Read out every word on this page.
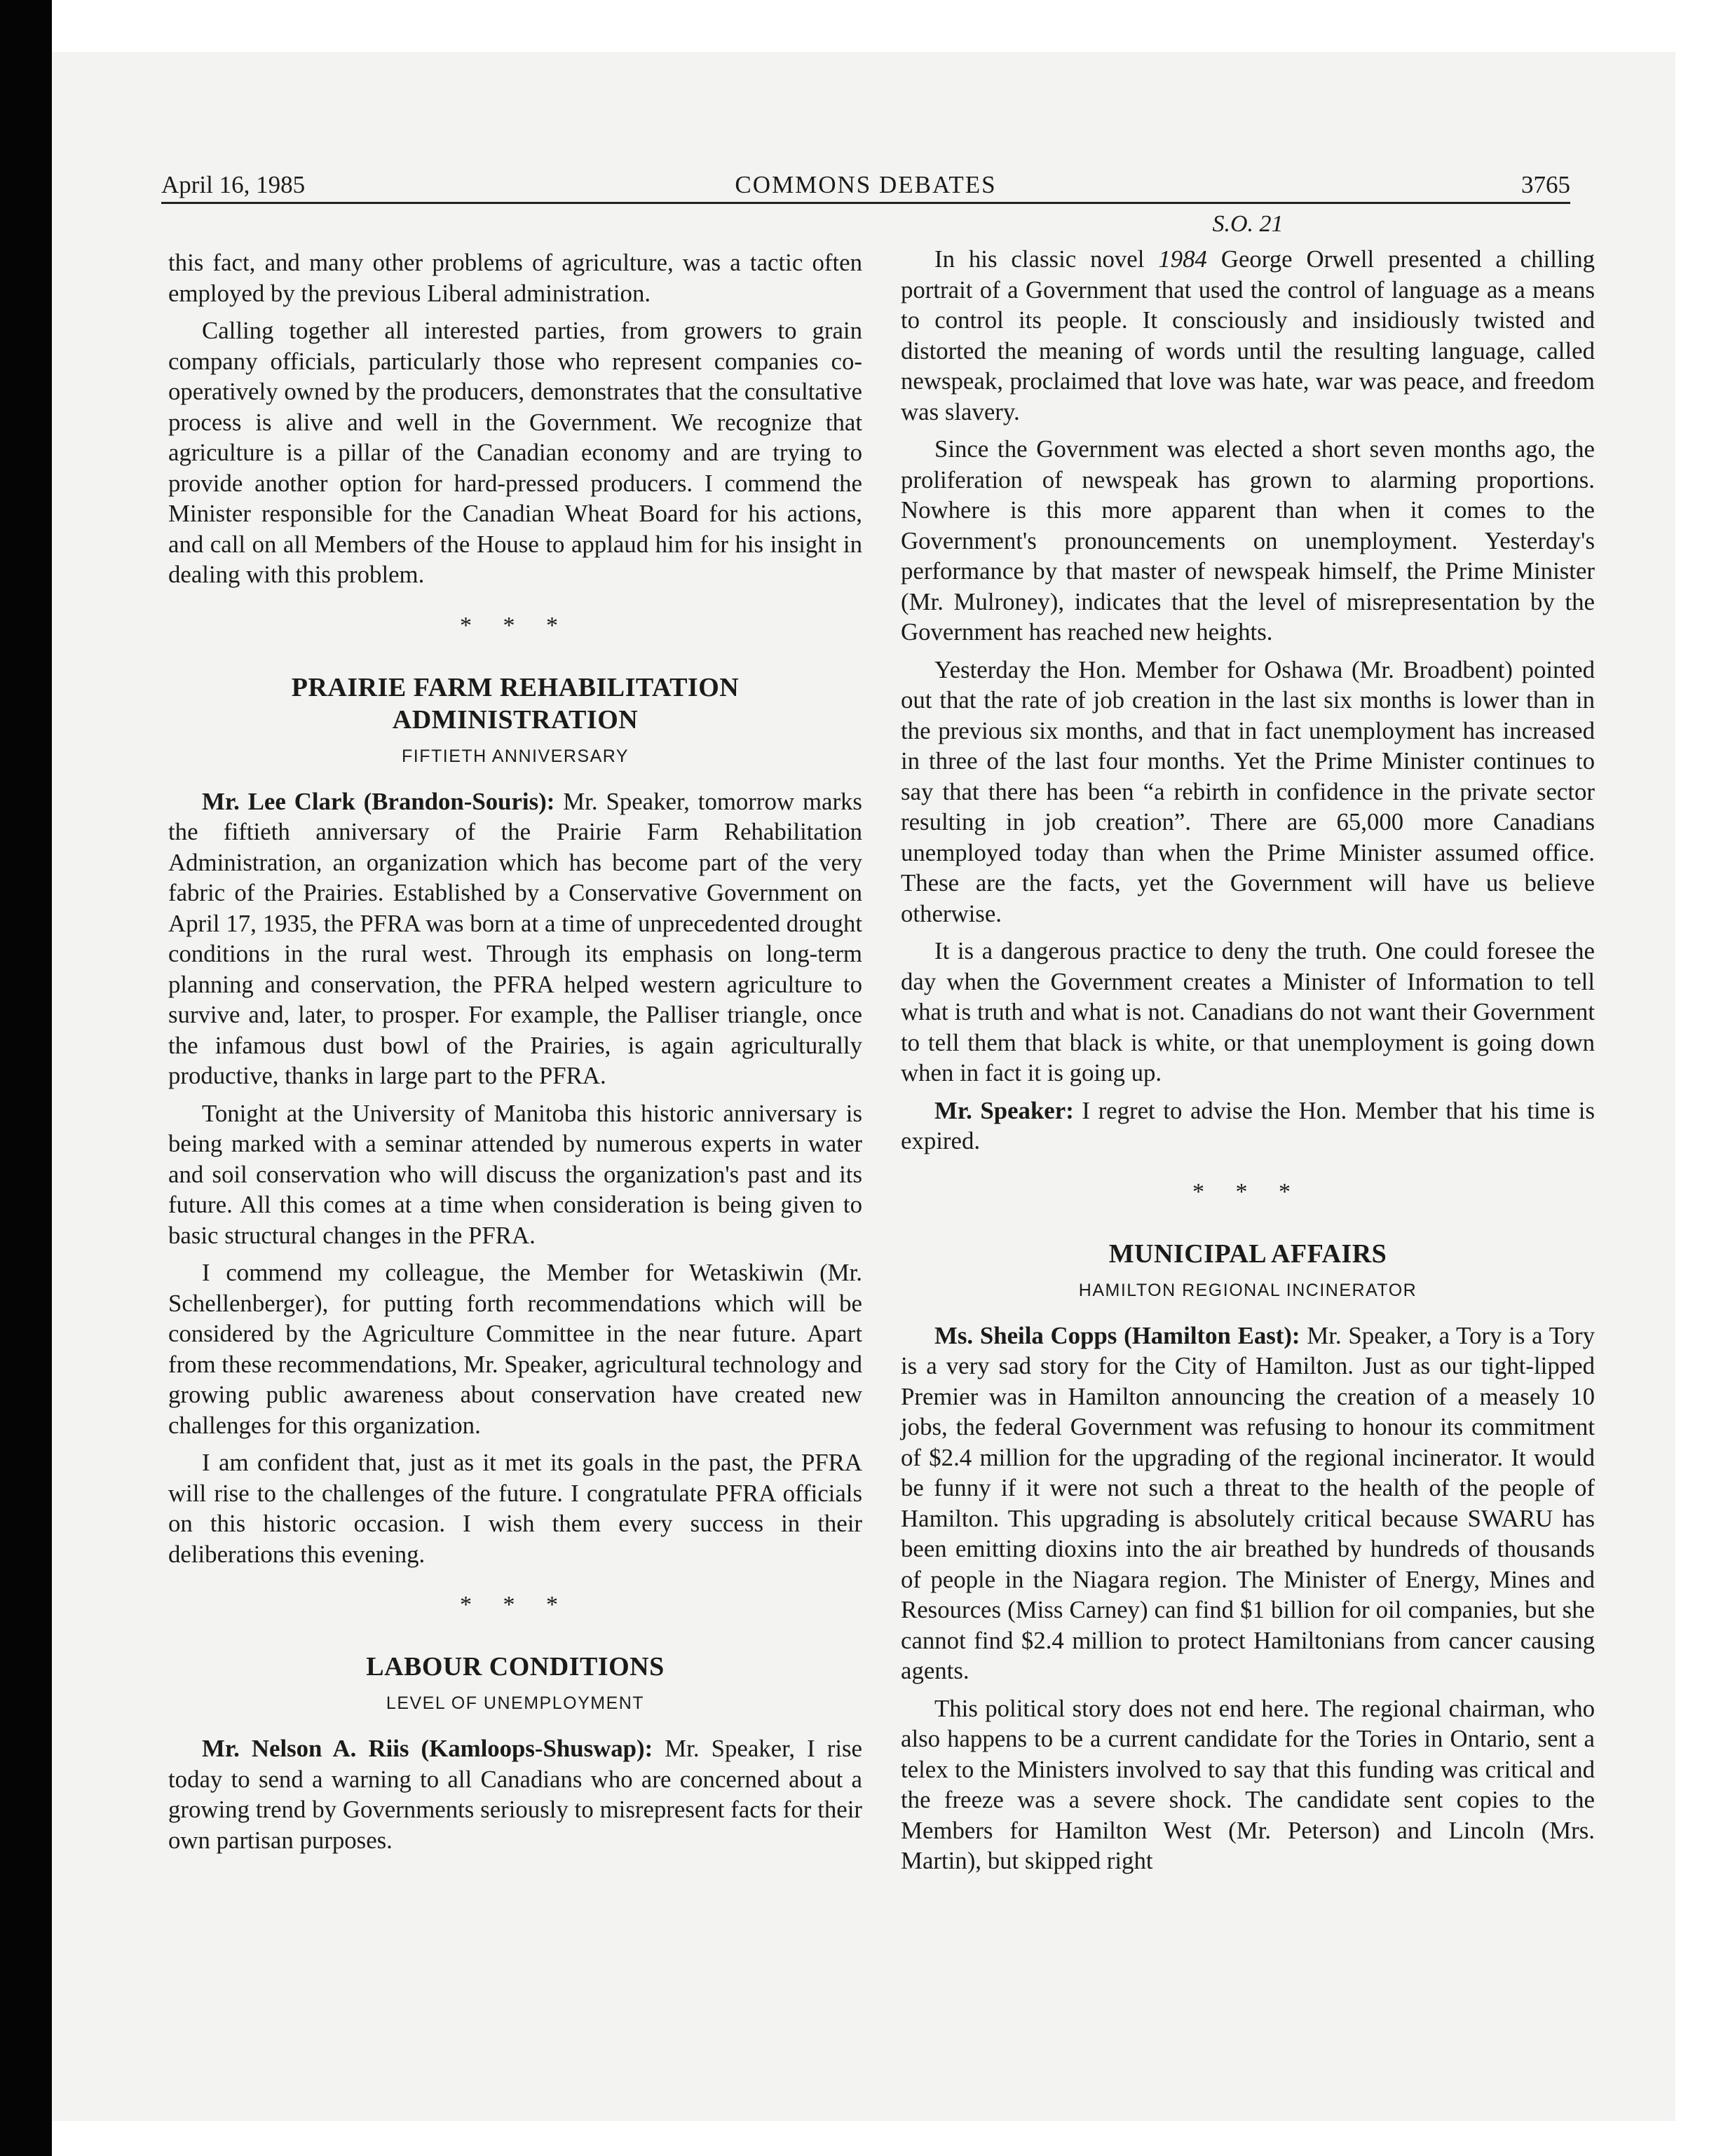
April 16, 1985	COMMONS DEBATES	3765

this fact, and many other problems of agriculture, was a tactic often employed by the previous Liberal administration.

Calling together all interested parties, from growers to grain company officials, particularly those who represent companies co-operatively owned by the producers, demonstrates that the consultative process is alive and well in the Government. We recognize that agriculture is a pillar of the Canadian economy and are trying to provide another option for hard-pressed producers. I commend the Minister responsible for the Canadian Wheat Board for his actions, and call on all Members of the House to applaud him for his insight in dealing with this problem.

* * *
PRAIRIE FARM REHABILITATION
ADMINISTRATION
FIFTIETH ANNIVERSARY

Mr. Lee Clark (Brandon-Souris): Mr. Speaker, tomorrow marks the fiftieth anniversary of the Prairie Farm Rehabilitation Administration, an organization which has become part of the very fabric of the Prairies. Established by a Conservative Government on April 17, 1935, the PFRA was born at a time of unprecedented drought conditions in the rural west. Through its emphasis on long-term planning and conservation, the PFRA helped western agriculture to survive and, later, to prosper. For example, the Palliser triangle, once the infamous dust bowl of the Prairies, is again agriculturally productive, thanks in large part to the PFRA.

Tonight at the University of Manitoba this historic anniversary is being marked with a seminar attended by numerous experts in water and soil conservation who will discuss the organization's past and its future. All this comes at a time when consideration is being given to basic structural changes in the PFRA.

I commend my colleague, the Member for Wetaskiwin (Mr. Schellenberger), for putting forth recommendations which will be considered by the Agriculture Committee in the near future. Apart from these recommendations, Mr. Speaker, agricultural technology and growing public awareness about conservation have created new challenges for this organization.

I am confident that, just as it met its goals in the past, the PFRA will rise to the challenges of the future. I congratulate PFRA officials on this historic occasion. I wish them every success in their deliberations this evening.

* * *
LABOUR CONDITIONS
LEVEL OF UNEMPLOYMENT

Mr. Nelson A. Riis (Kamloops-Shuswap): Mr. Speaker, I rise today to send a warning to all Canadians who are concerned about a growing trend by Governments seriously to misrepresent facts for their own partisan purposes.

S.O. 21

In his classic novel 1984 George Orwell presented a chilling portrait of a Government that used the control of language as a means to control its people. It consciously and insidiously twisted and distorted the meaning of words until the resulting language, called newspeak, proclaimed that love was hate, war was peace, and freedom was slavery.

Since the Government was elected a short seven months ago, the proliferation of newspeak has grown to alarming proportions. Nowhere is this more apparent than when it comes to the Government's pronouncements on unemployment. Yesterday's performance by that master of newspeak himself, the Prime Minister (Mr. Mulroney), indicates that the level of misrepresentation by the Government has reached new heights.

Yesterday the Hon. Member for Oshawa (Mr. Broadbent) pointed out that the rate of job creation in the last six months is lower than in the previous six months, and that in fact unemployment has increased in three of the last four months. Yet the Prime Minister continues to say that there has been “a rebirth in confidence in the private sector resulting in job creation”. There are 65,000 more Canadians unemployed today than when the Prime Minister assumed office. These are the facts, yet the Government will have us believe otherwise.

It is a dangerous practice to deny the truth. One could foresee the day when the Government creates a Minister of Information to tell what is truth and what is not. Canadians do not want their Government to tell them that black is white, or that unemployment is going down when in fact it is going up.

Mr. Speaker: I regret to advise the Hon. Member that his time is expired.

* * *
MUNICIPAL AFFAIRS
HAMILTON REGIONAL INCINERATOR

Ms. Sheila Copps (Hamilton East): Mr. Speaker, a Tory is a Tory is a very sad story for the City of Hamilton. Just as our tight-lipped Premier was in Hamilton announcing the creation of a measely 10 jobs, the federal Government was refusing to honour its commitment of $2.4 million for the upgrading of the regional incinerator. It would be funny if it were not such a threat to the health of the people of Hamilton. This upgrading is absolutely critical because SWARU has been emitting dioxins into the air breathed by hundreds of thousands of people in the Niagara region. The Minister of Energy, Mines and Resources (Miss Carney) can find $1 billion for oil companies, but she cannot find $2.4 million to protect Hamiltonians from cancer causing agents.

This political story does not end here. The regional chairman, who also happens to be a current candidate for the Tories in Ontario, sent a telex to the Ministers involved to say that this funding was critical and the freeze was a severe shock. The candidate sent copies to the Members for Hamilton West (Mr. Peterson) and Lincoln (Mrs. Martin), but skipped right
